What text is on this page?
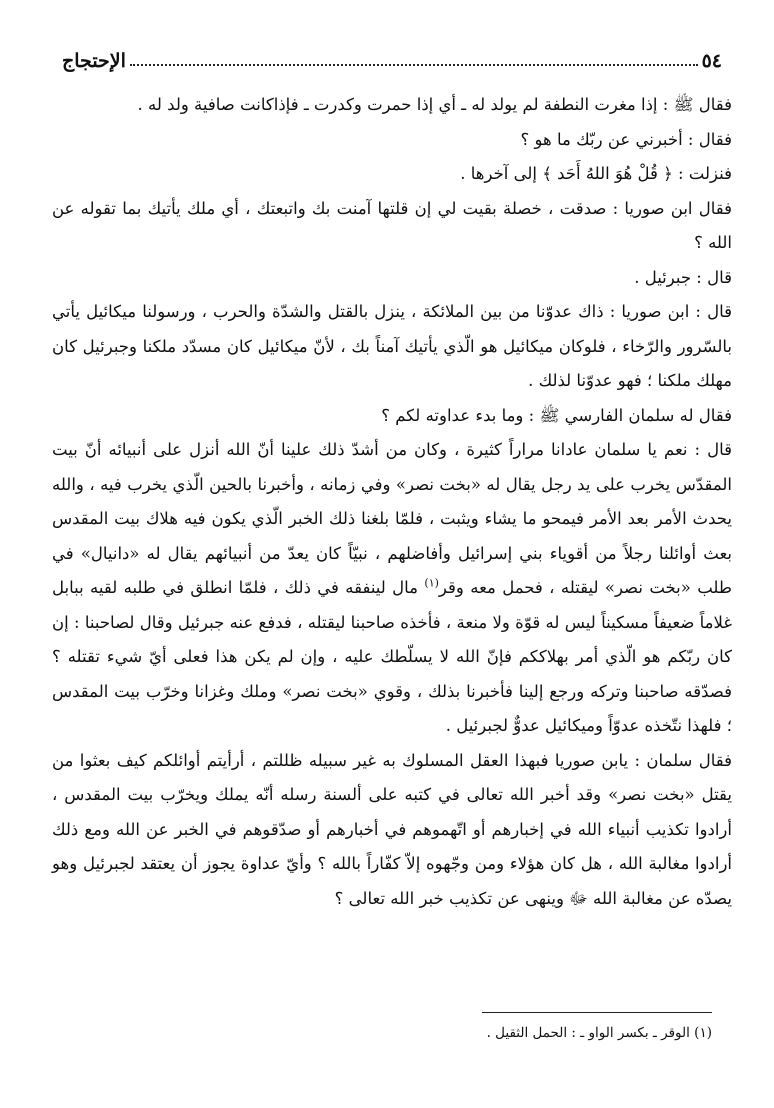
٥٤
الإحتجاج

فقال ﷺ : إذا مغرت النطفة لم يولد له ـ أي إذا حمرت وكدرت ـ فإذاكانت صافية ولد له .

فقال : أخبرني عن ربّك ما هو ؟

فنزلت : ﴿ قُلْ هُوَ اللهُ أَحَد ﴾ إلى آخرها .

فقال ابن صوريا : صدقت ، خصلة بقيت لي إن قلتها آمنت بك واتبعتك ، أي ملك يأتيك بما تقوله عن الله ؟

قال : جبرئيل .

قال : ابن صوريا : ذاك عدوّنا من بين الملائكة ، ينزل بالقتل والشدّة والحرب ، ورسولنا ميكائيل يأتي بالسّرور والرّخاء ، فلوكان ميكائيل هو الّذي يأتيك آمناً بك ، لأنّ ميكائيل كان مسدّد ملكنا وجبرئيل كان مهلك ملكنا ؛ فهو عدوّنا لذلك .

فقال له سلمان الفارسي ﷺ : وما بدء عداوته لكم ؟

قال : نعم يا سلمان عادانا مراراً كثيرة ، وكان من أشدّ ذلك علينا أنّ الله أنزل على أنبيائه أنّ بيت المقدّس يخرب على يد رجل يقال له «بخت نصر» وفي زمانه ، وأخبرنا بالحين الّذي يخرب فيه ، والله يحدث الأمر بعد الأمر فيمحو ما يشاء ويثبت ، فلمّا بلغنا ذلك الخبر الّذي يكون فيه هلاك بيت المقدس بعث أوائلنا رجلاً من أقوياء بني إسرائيل وأفاضلهم ، نبيّاً كان يعدّ من أنبيائهم يقال له «دانيال» في طلب «بخت نصر» ليقتله ، فحمل معه وقر$^{(١)}$ مال لينفقه في ذلك ، فلمّا انطلق في طلبه لقيه ببابل غلاماً ضعيفاً مسكيناً ليس له قوّة ولا منعة ، فأخذه صاحبنا ليقتله ، فدفع عنه جبرئيل وقال لصاحبنا : إن كان ربّكم هو الّذي أمر بهلاككم فإنّ الله لا يسلّطك عليه ، وإن لم يكن هذا فعلى أيّ شيء تقتله ؟ فصدّقه صاحبنا وتركه ورجع إلينا فأخبرنا بذلك ، وقوي «بخت نصر» وملك وغزانا وخرّب بيت المقدس ؛ فلهذا نتّخذه عدوّاً وميكائيل عدوٌّ لجبرئيل .

فقال سلمان : يابن صوريا فبهذا العقل المسلوك به غير سبيله ظللتم ، أرأيتم أوائلكم كيف بعثوا من يقتل «بخت نصر» وقد أخبر الله تعالى في كتبه على ألسنة رسله أنّه يملك ويخرّب بيت المقدس ، أرادوا تكذيب أنبياء الله في إخبارهم أو اتّهموهم في أخبارهم أو صدّقوهم في الخبر عن الله ومع ذلك أرادوا مغالبة الله ، هل كان هؤلاء ومن وجّهوه إلاّ كفّاراً بالله ؟ وأيّ عداوة يجوز أن يعتقد لجبرئيل وهو يصدّه عن مغالبة الله ﷻ وينهى عن تكذيب خبر الله تعالى ؟

(١) الوقر ـ بكسر الواو ـ : الحمل الثقيل .
